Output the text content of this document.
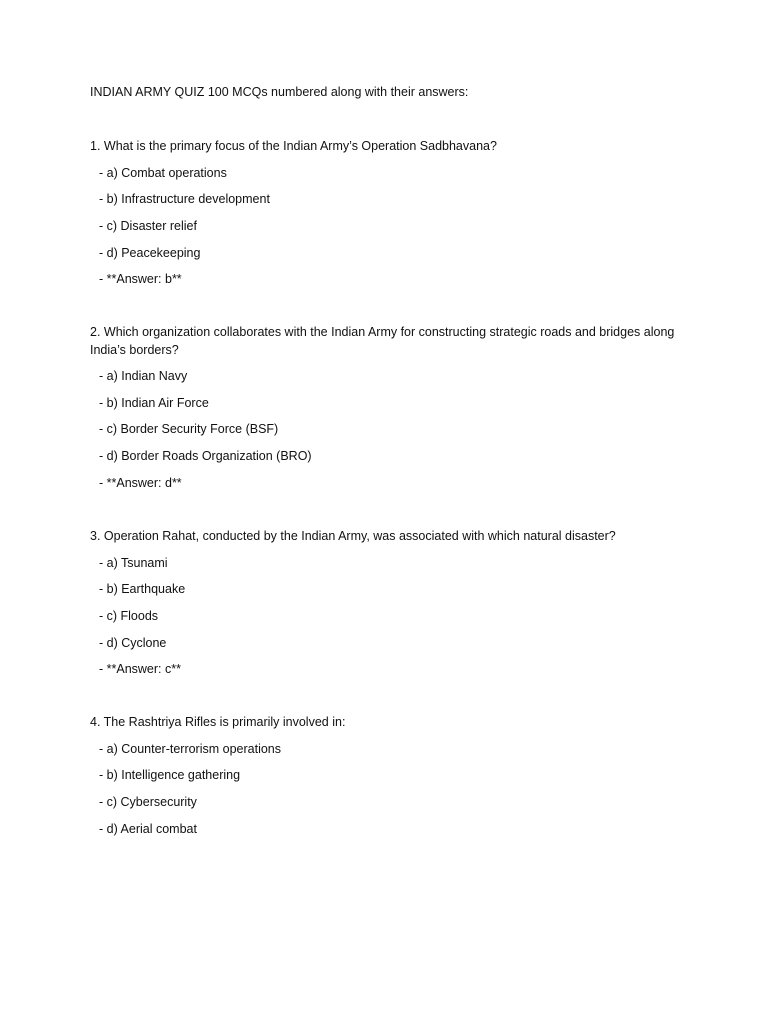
INDIAN ARMY QUIZ 100 MCQs numbered along with their answers:

1. What is the primary focus of the Indian Army’s Operation Sadbhavana?

- a) Combat operations

- b) Infrastructure development

- c) Disaster relief

- d) Peacekeeping

- **Answer: b**

2. Which organization collaborates with the Indian Army for constructing strategic roads and bridges along India’s borders?

- a) Indian Navy

- b) Indian Air Force

- c) Border Security Force (BSF)

- d) Border Roads Organization (BRO)

- **Answer: d**

3. Operation Rahat, conducted by the Indian Army, was associated with which natural disaster?

- a) Tsunami

- b) Earthquake

- c) Floods

- d) Cyclone

- **Answer: c**

4. The Rashtriya Rifles is primarily involved in:

- a) Counter-terrorism operations

- b) Intelligence gathering

- c) Cybersecurity

- d) Aerial combat
